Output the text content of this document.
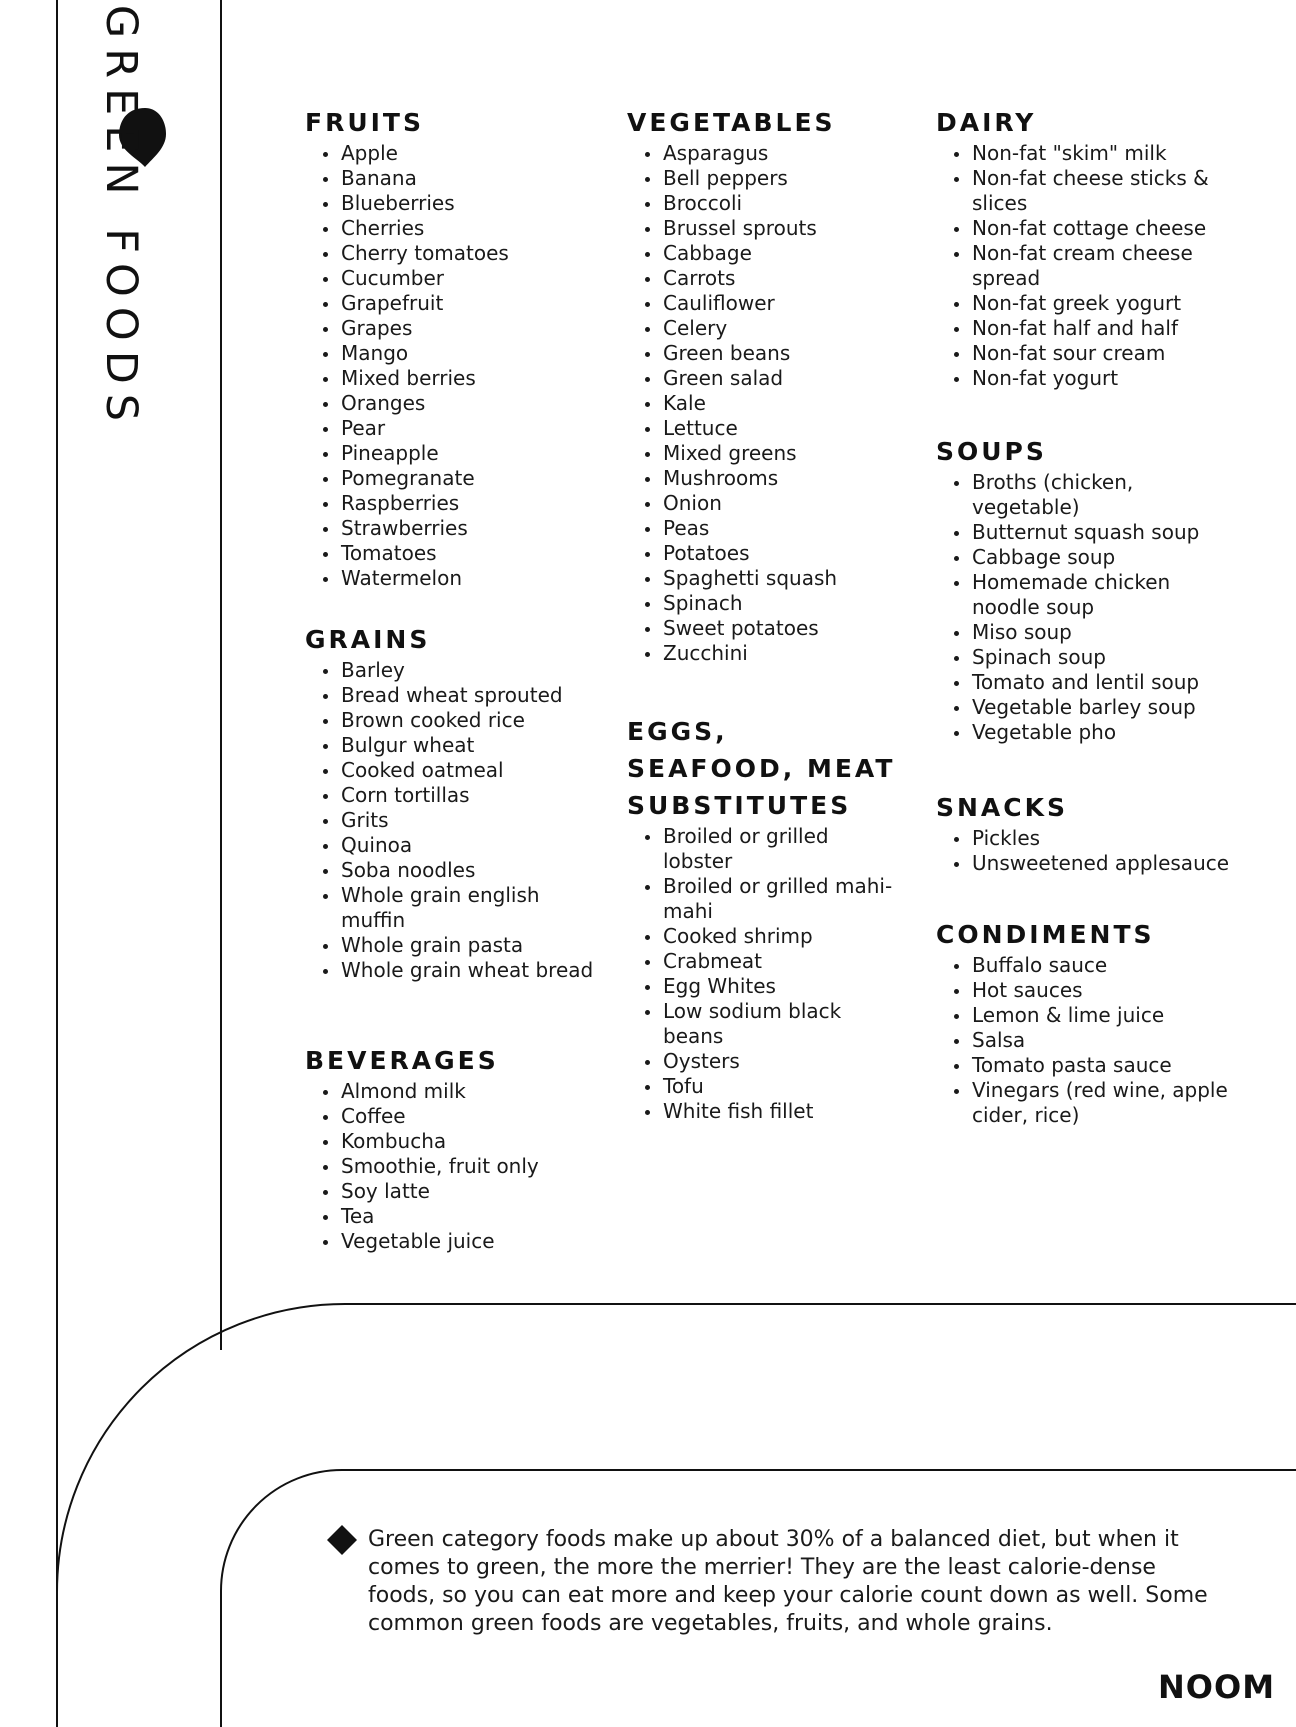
GREEN FOODS	FRUITS
Apple
Banana
Blueberries
Cherries
Cherry tomatoes
Cucumber
Grapefruit
Grapes
Mango
Mixed berries
Oranges
Pear
Pineapple
Pomegranate
Raspberries
Strawberries
Tomatoes
Watermelon
GRAINS
Barley
Bread wheat sprouted
Brown cooked rice
Bulgur wheat
Cooked oatmeal
Corn tortillas
Grits
Quinoa
Soba noodles
Whole grain english muffin
Whole grain pasta
Whole grain wheat bread
BEVERAGES
Almond milk
Coffee
Kombucha
Smoothie, fruit only
Soy latte
Tea
Vegetable juice
VEGETABLES
Asparagus
Bell peppers
Broccoli
Brussel sprouts
Cabbage
Carrots
Cauliflower
Celery
Green beans
Green salad
Kale
Lettuce
Mixed greens
Mushrooms
Onion
Peas
Potatoes
Spaghetti squash
Spinach
Sweet potatoes
Zucchini
EGGS, SEAFOOD, MEAT SUBSTITUTES
Broiled or grilled lobster
Broiled or grilled mahi-mahi
Cooked shrimp
Crabmeat
Egg Whites
Low sodium black beans
Oysters
Tofu
White fish fillet
DAIRY
Non-fat "skim" milk
Non-fat cheese sticks & slices
Non-fat cottage cheese
Non-fat cream cheese spread
Non-fat greek yogurt
Non-fat half and half
Non-fat sour cream
Non-fat yogurt
SOUPS
Broths (chicken, vegetable)
Butternut squash soup
Cabbage soup
Homemade chicken noodle soup
Miso soup
Spinach soup
Tomato and lentil soup
Vegetable barley soup
Vegetable pho
SNACKS
Pickles
Unsweetened applesauce
CONDIMENTS
Buffalo sauce
Hot sauces
Lemon & lime juice
Salsa
Tomato pasta sauce
Vinegars (red wine, apple cider, rice)

Green category foods make up about 30% of a balanced diet, but when it comes to green, the more the merrier! They are the least calorie-dense foods, so you can eat more and keep your calorie count down as well. Some common green foods are vegetables, fruits, and whole grains.

NOOM
